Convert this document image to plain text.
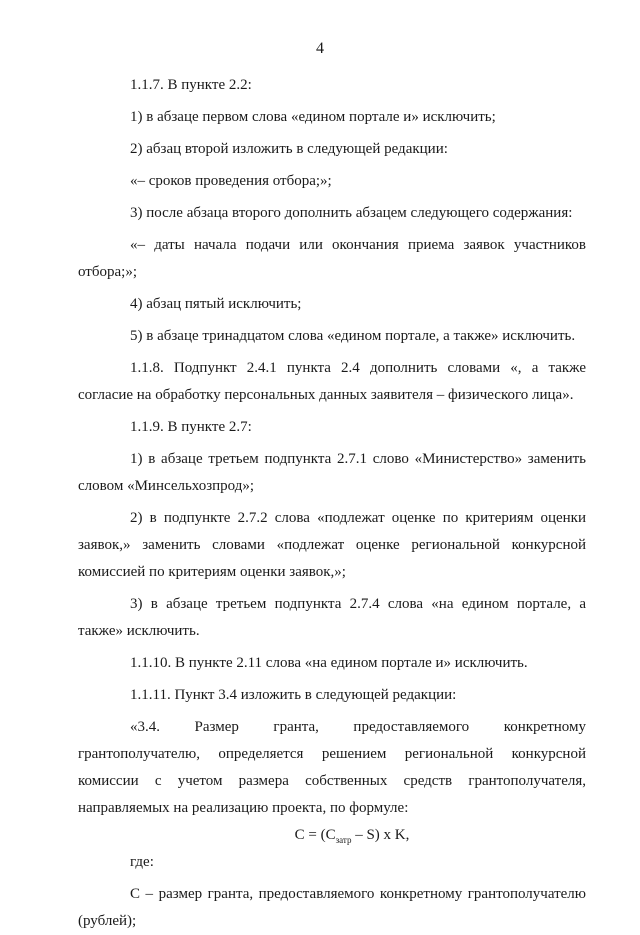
4

1.1.7. В пункте 2.2:

1) в абзаце первом слова «едином портале и» исключить;

2) абзац второй изложить в следующей редакции:

«– сроков проведения отбора;»;

3) после абзаца второго дополнить абзацем следующего содержания:

«– даты начала подачи или окончания приема заявок участников отбора;»;

4) абзац пятый исключить;

5) в абзаце тринадцатом слова «едином портале, а также» исключить.

1.1.8. Подпункт 2.4.1 пункта 2.4 дополнить словами «, а также согласие на обработку персональных данных заявителя – физического лица».

1.1.9. В пункте 2.7:

1) в абзаце третьем подпункта 2.7.1 слово «Министерство» заменить словом «Минсельхозпрод»;

2) в подпункте 2.7.2 слова «подлежат оценке по критериям оценки заявок,» заменить словами «подлежат оценке региональной конкурсной комиссией по критериям оценки заявок,»;

3) в абзаце третьем подпункта 2.7.4 слова «на едином портале, а также» исключить.

1.1.10. В пункте 2.11 слова «на едином портале и» исключить.

1.1.11. Пункт 3.4 изложить в следующей редакции:

«3.4. Размер гранта, предоставляемого конкретному грантополучателю, определяется решением региональной конкурсной комиссии с учетом размера собственных средств грантополучателя, направляемых на реализацию проекта, по формуле:

$С = (С_{затр} - S)$ x K,

где:

С – размер гранта, предоставляемого конкретному грантополучателю (рублей);
